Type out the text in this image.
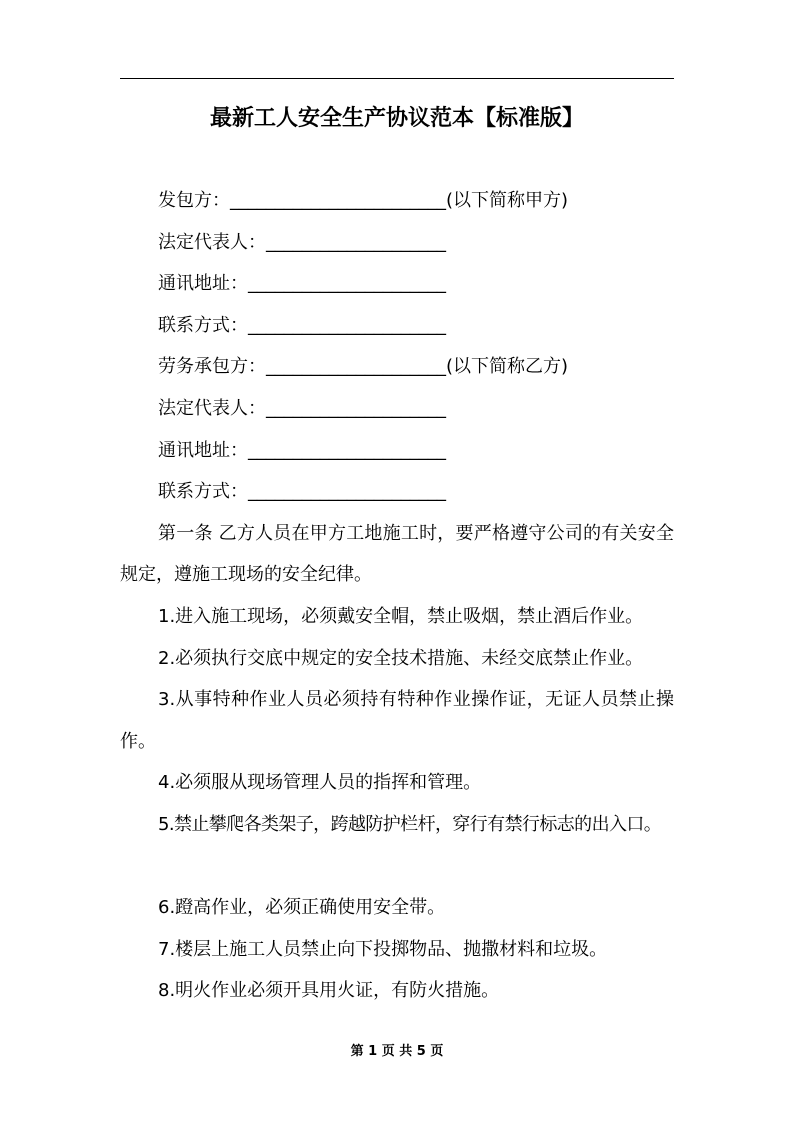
最新工人安全生产协议范本【标准版】
发包方：________________________(以下简称甲方)
法定代表人：____________________
通讯地址：______________________
联系方式：______________________
劳务承包方：____________________(以下简称乙方)
法定代表人：____________________
通讯地址：______________________
联系方式：______________________
第一条 乙方人员在甲方工地施工时，要严格遵守公司的有关安全规定，遵施工现场的安全纪律。
1.进入施工现场，必须戴安全帽，禁止吸烟，禁止酒后作业。
2.必须执行交底中规定的安全技术措施、未经交底禁止作业。
3.从事特种作业人员必须持有特种作业操作证，无证人员禁止操作。
4.必须服从现场管理人员的指挥和管理。
5.禁止攀爬各类架子，跨越防护栏杆，穿行有禁行标志的出入口。
6.蹬高作业，必须正确使用安全带。
7.楼层上施工人员禁止向下投掷物品、抛撒材料和垃圾。
8.明火作业必须开具用火证，有防火措施。
第 1 页 共 5 页
